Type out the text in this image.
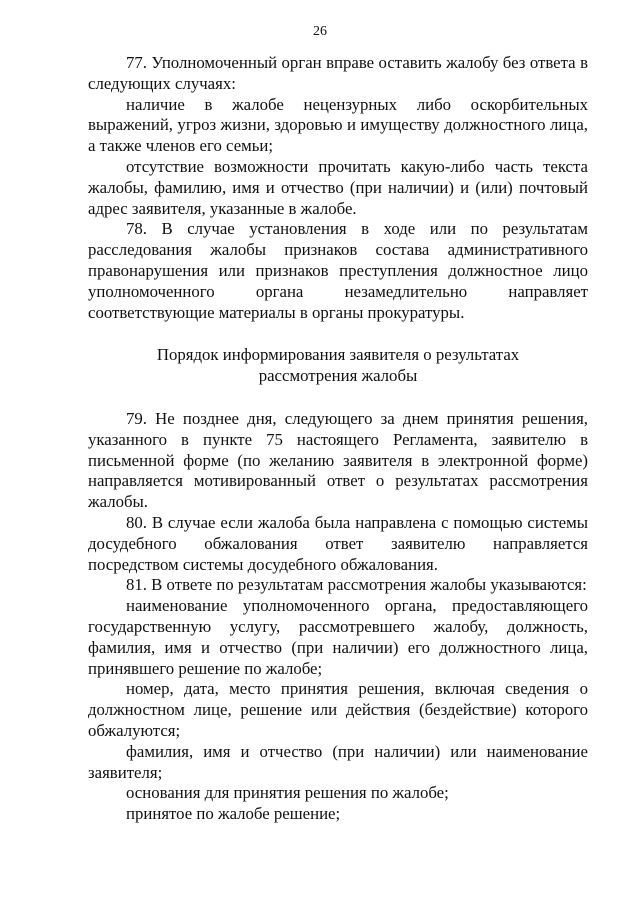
26

77. Уполномоченный орган вправе оставить жалобу без ответа в следующих случаях:

наличие в жалобе нецензурных либо оскорбительных выражений, угроз жизни, здоровью и имуществу должностного лица, а также членов его семьи;

отсутствие возможности прочитать какую-либо часть текста жалобы, фамилию, имя и отчество (при наличии) и (или) почтовый адрес заявителя, указанные в жалобе.

78. В случае установления в ходе или по результатам расследования жалобы признаков состава административного правонарушения или признаков преступления должностное лицо уполномоченного органа незамедлительно направляет соответствующие материалы в органы прокуратуры.

Порядок информирования заявителя о результатах
рассмотрения жалобы

79. Не позднее дня, следующего за днем принятия решения, указанного в пункте 75 настоящего Регламента, заявителю в письменной форме (по желанию заявителя в электронной форме) направляется мотивированный ответ о результатах рассмотрения жалобы.

80. В случае если жалоба была направлена с помощью системы досудебного обжалования ответ заявителю направляется посредством системы досудебного обжалования.

81. В ответе по результатам рассмотрения жалобы указываются:

наименование уполномоченного органа, предоставляющего государственную услугу, рассмотревшего жалобу, должность, фамилия, имя и отчество (при наличии) его должностного лица, принявшего решение по жалобе;

номер, дата, место принятия решения, включая сведения о должностном лице, решение или действия (бездействие) которого обжалуются;

фамилия, имя и отчество (при наличии) или наименование заявителя;

основания для принятия решения по жалобе;

принятое по жалобе решение;
